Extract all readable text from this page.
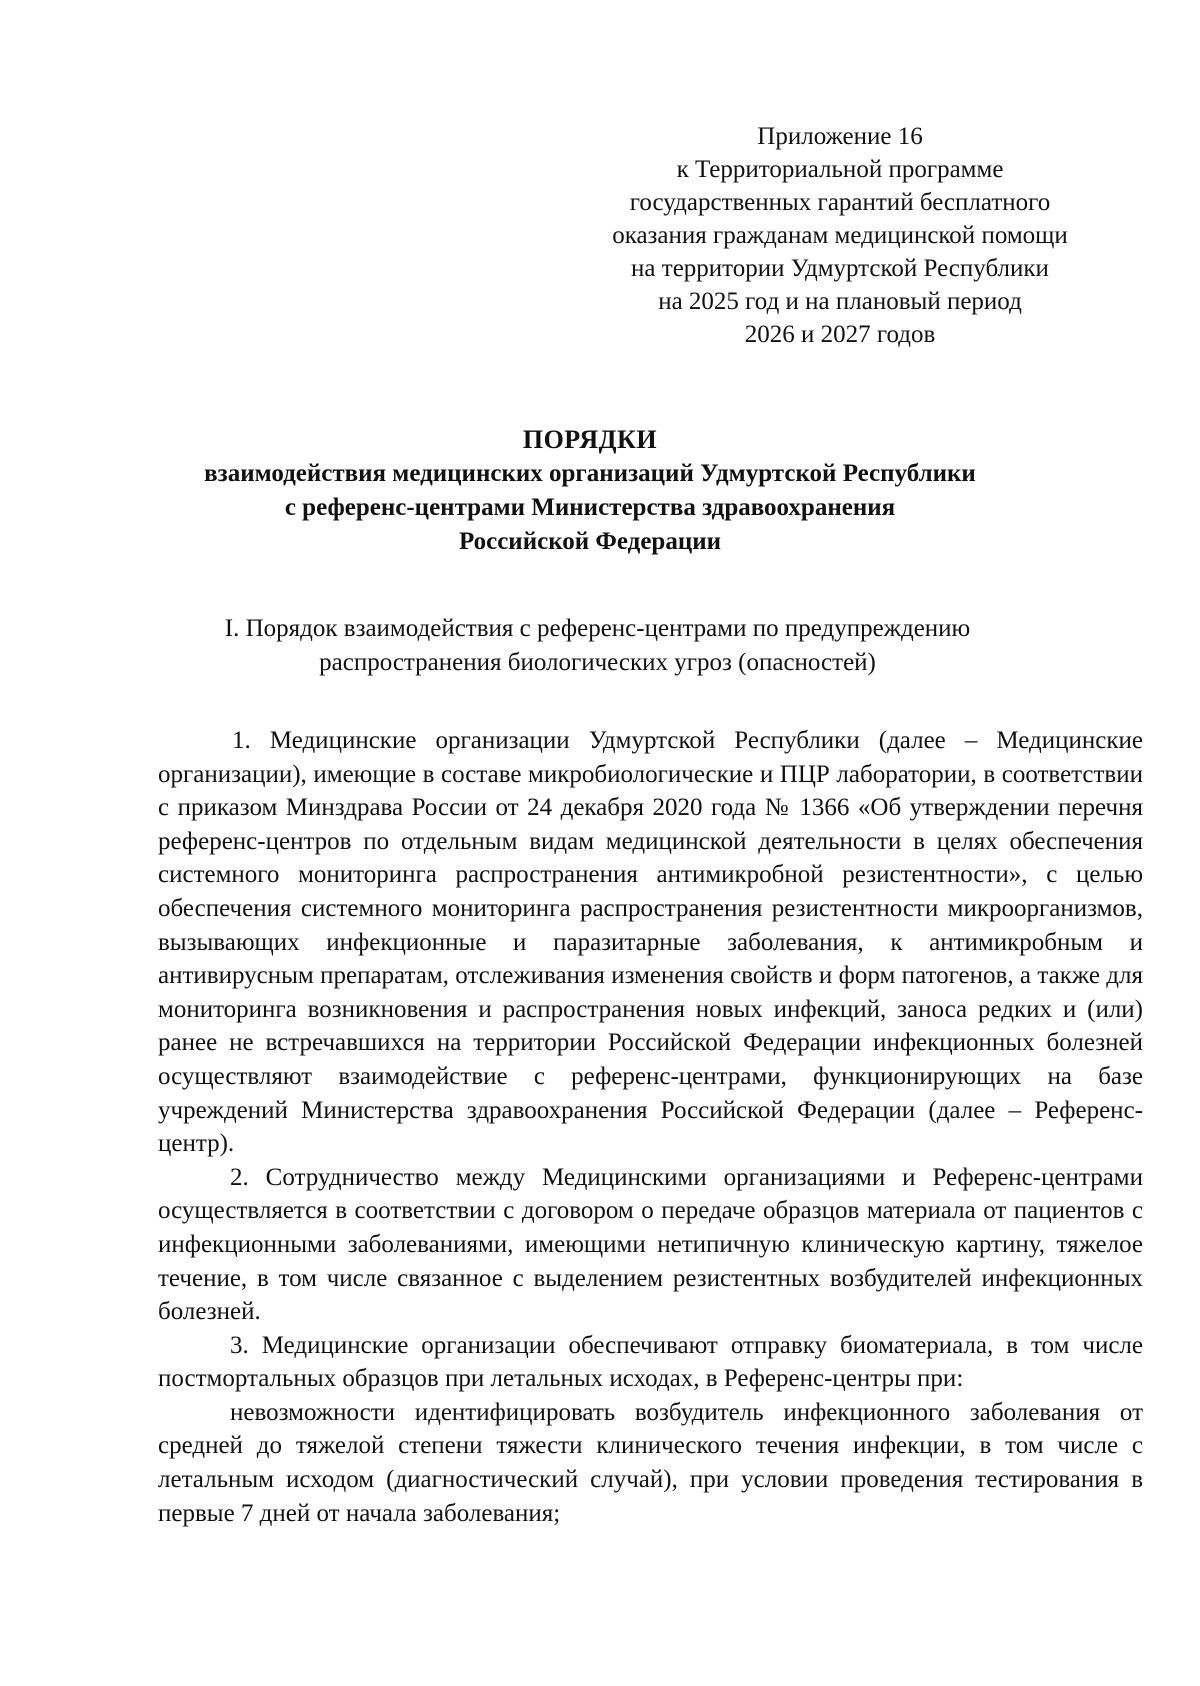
Приложение 16
к Территориальной программе
государственных гарантий бесплатного
оказания гражданам медицинской помощи
на территории Удмуртской Республики
на 2025 год и на плановый период
2026 и 2027 годов
ПОРЯДКИ
взаимодействия медицинских организаций Удмуртской Республики
с референс-центрами Министерства здравоохранения
Российской Федерации
I. Порядок взаимодействия с референс-центрами по предупреждению
распространения биологических угроз (опасностей)

1. Медицинские организации Удмуртской Республики (далее – Медицинские организации), имеющие в составе микробиологические и ПЦР лаборатории, в соответствии с приказом Минздрава России от 24 декабря 2020 года № 1366 «Об утверждении перечня референс-центров по отдельным видам медицинской деятельности в целях обеспечения системного мониторинга распространения антимикробной резистентности», с целью обеспечения системного мониторинга распространения резистентности микроорганизмов, вызывающих инфекционные и паразитарные заболевания, к антимикробным и антивирусным препаратам, отслеживания изменения свойств и форм патогенов, а также для мониторинга возникновения и распространения новых инфекций, заноса редких и (или) ранее не встречавшихся на территории Российской Федерации инфекционных болезней осуществляют взаимодействие с референс-центрами, функционирующих на базе учреждений Министерства здравоохранения Российской Федерации (далее – Референс-центр).

2. Сотрудничество между Медицинскими организациями и Референс-центрами осуществляется в соответствии с договором о передаче образцов материала от пациентов с инфекционными заболеваниями, имеющими нетипичную клиническую картину, тяжелое течение, в том числе связанное с выделением резистентных возбудителей инфекционных болезней.

3. Медицинские организации обеспечивают отправку биоматериала, в том числе постмортальных образцов при летальных исходах, в Референс-центры при:

невозможности идентифицировать возбудитель инфекционного заболевания от средней до тяжелой степени тяжести клинического течения инфекции, в том числе с летальным исходом (диагностический случай), при условии проведения тестирования в первые 7 дней от начала заболевания;
